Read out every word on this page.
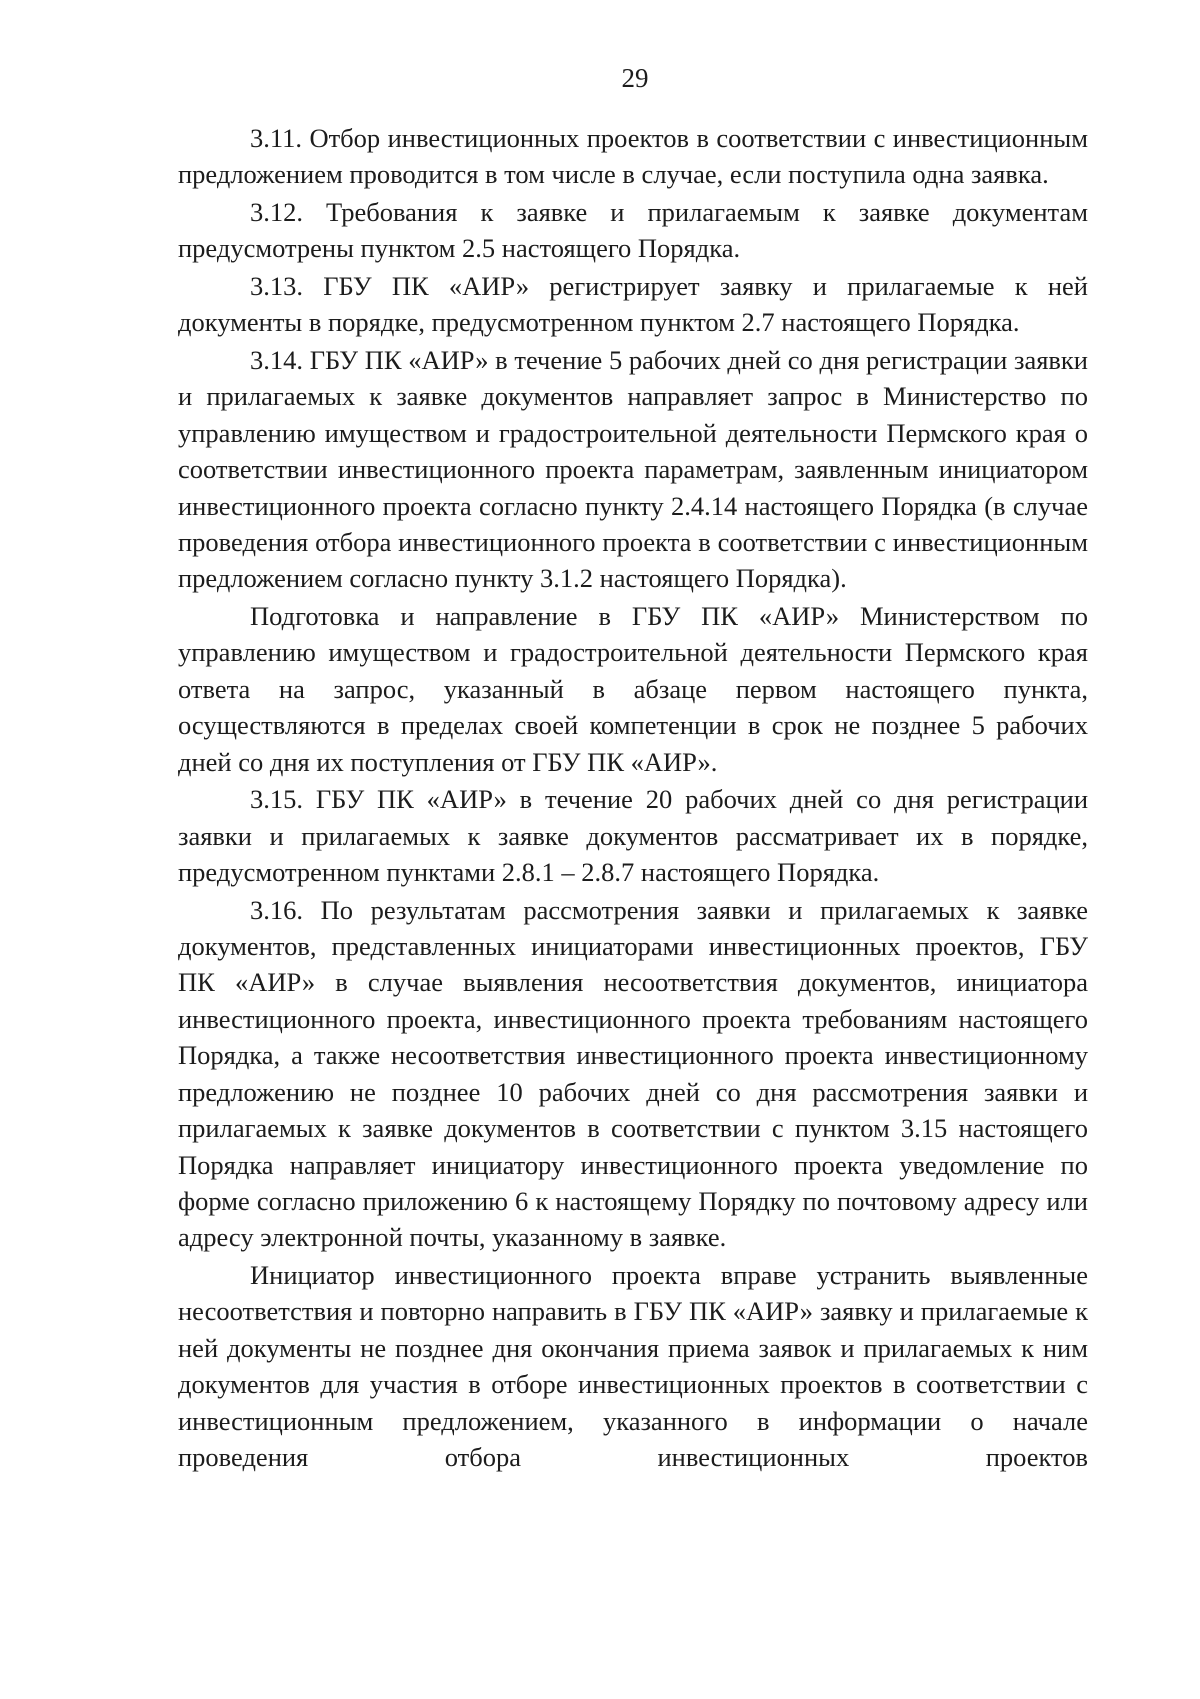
29

3.11. Отбор инвестиционных проектов в соответствии с инвестиционным предложением проводится в том числе в случае, если поступила одна заявка.

3.12. Требования к заявке и прилагаемым к заявке документам предусмотрены пунктом 2.5 настоящего Порядка.

3.13. ГБУ ПК «АИР» регистрирует заявку и прилагаемые к ней документы в порядке, предусмотренном пунктом 2.7 настоящего Порядка.

3.14. ГБУ ПК «АИР» в течение 5 рабочих дней со дня регистрации заявки и прилагаемых к заявке документов направляет запрос в Министерство по управлению имуществом и градостроительной деятельности Пермского края о соответствии инвестиционного проекта параметрам, заявленным инициатором инвестиционного проекта согласно пункту 2.4.14 настоящего Порядка (в случае проведения отбора инвестиционного проекта в соответствии с инвестиционным предложением согласно пункту 3.1.2 настоящего Порядка).

Подготовка и направление в ГБУ ПК «АИР» Министерством по управлению имуществом и градостроительной деятельности Пермского края ответа на запрос, указанный в абзаце первом настоящего пункта, осуществляются в пределах своей компетенции в срок не позднее 5 рабочих дней со дня их поступления от ГБУ ПК «АИР».

3.15. ГБУ ПК «АИР» в течение 20 рабочих дней со дня регистрации заявки и прилагаемых к заявке документов рассматривает их в порядке, предусмотренном пунктами 2.8.1 – 2.8.7 настоящего Порядка.

3.16. По результатам рассмотрения заявки и прилагаемых к заявке документов, представленных инициаторами инвестиционных проектов, ГБУ ПК «АИР» в случае выявления несоответствия документов, инициатора инвестиционного проекта, инвестиционного проекта требованиям настоящего Порядка, а также несоответствия инвестиционного проекта инвестиционному предложению не позднее 10 рабочих дней со дня рассмотрения заявки и прилагаемых к заявке документов в соответствии с пунктом 3.15 настоящего Порядка направляет инициатору инвестиционного проекта уведомление по форме согласно приложению 6 к настоящему Порядку по почтовому адресу или адресу электронной почты, указанному в заявке.

Инициатор инвестиционного проекта вправе устранить выявленные несоответствия и повторно направить в ГБУ ПК «АИР» заявку и прилагаемые к ней документы не позднее дня окончания приема заявок и прилагаемых к ним документов для участия в отборе инвестиционных проектов в соответствии с инвестиционным предложением, указанного в информации о начале проведения отбора инвестиционных проектов
